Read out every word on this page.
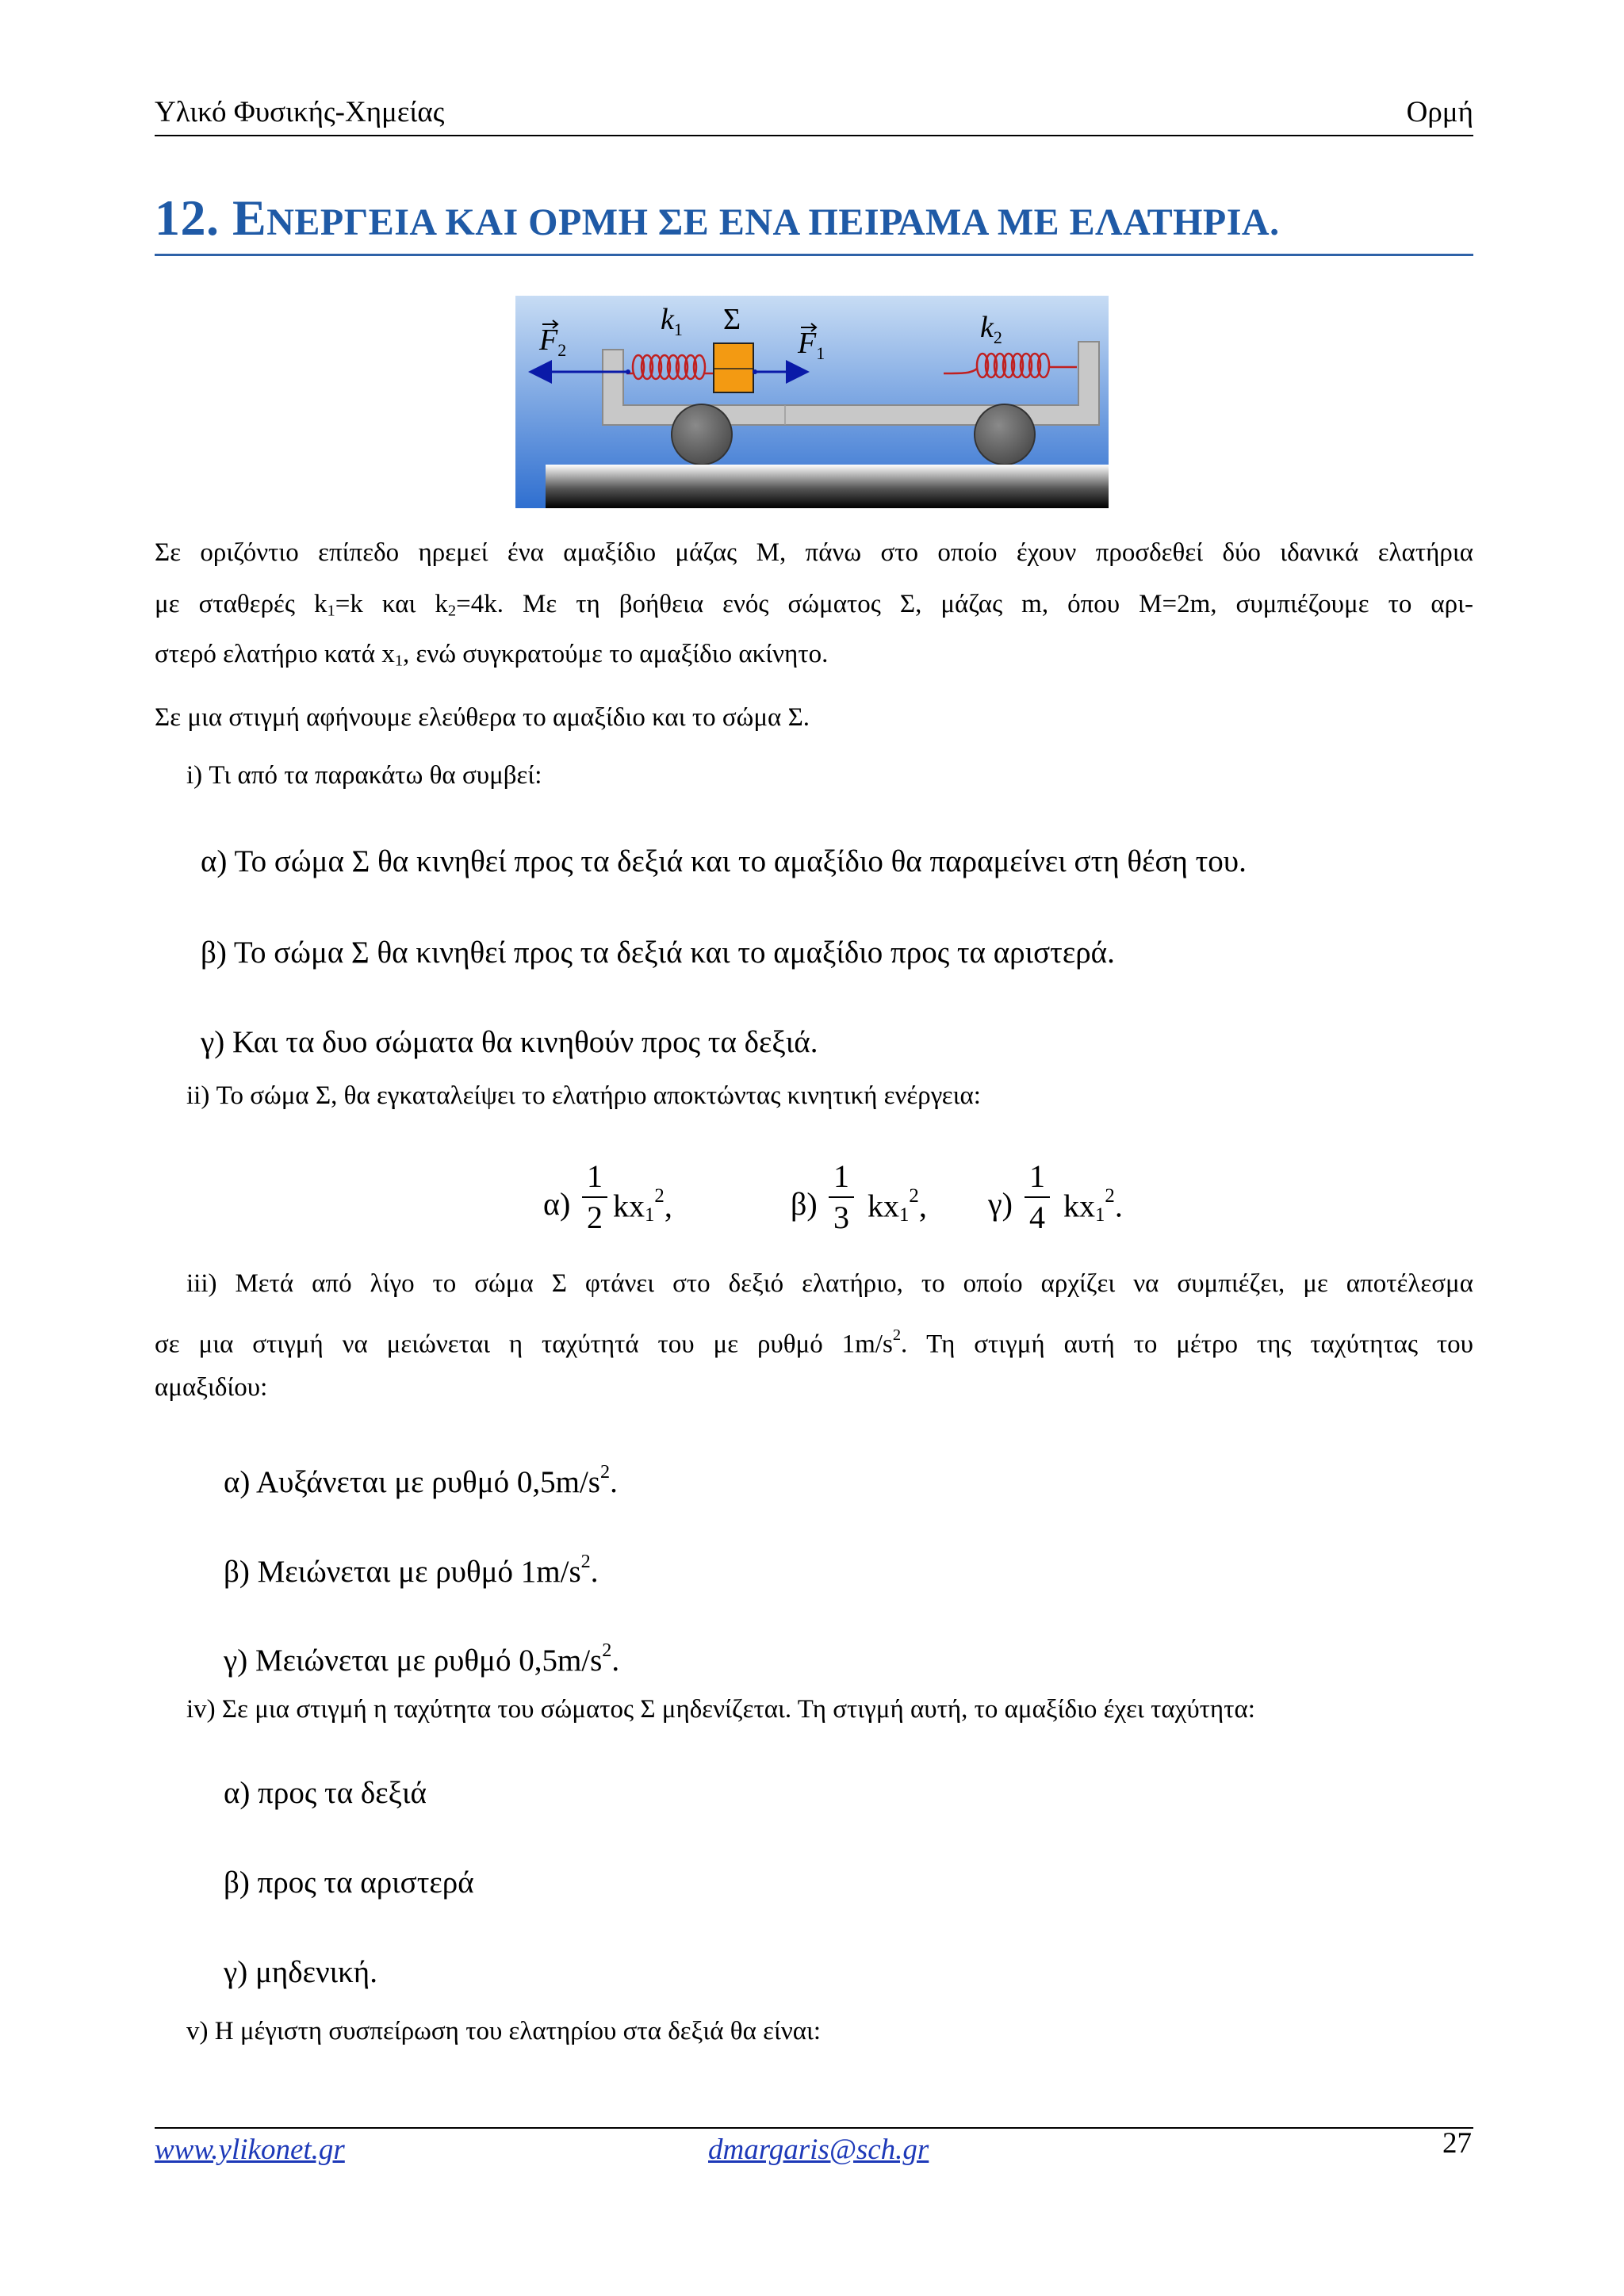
Υλικό Φυσικής-Χημείας	Ορμή
12. ΕΝΕΡΓΕΙΑ ΚΑΙ ΟΡΜΗ ΣΕ ΕΝΑ ΠΕΙΡΑΜΑ ΜΕ ΕΛΑΤΗΡΙΑ.
$F_2$
$k_1$ Σ
$F_1$
$k_2$
Σε οριζόντιο επίπεδο ηρεμεί ένα αμαξίδιο μάζας Μ, πάνω στο οποίο έχουν προσδεθεί δύο ιδανικά ελατήρια
με σταθερές $k_1=k$ και $k_2=4k$. Με τη βοήθεια ενός σώματος Σ, μάζας m, όπου Μ=2m, συμπιέζουμε το αρι-
στερό ελατήριο κατά $x_1$, ενώ συγκρατούμε το αμαξίδιο ακίνητο.
Σε μια στιγμή αφήνουμε ελεύθερα το αμαξίδιο και το σώμα Σ.
i) Τι από τα παρακάτω θα συμβεί:
α) Το σώμα Σ θα κινηθεί προς τα δεξιά και το αμαξίδιο θα παραμείνει στη θέση του.
β) Το σώμα Σ θα κινηθεί προς τα δεξιά και το αμαξίδιο προς τα αριστερά.
γ) Και τα δυο σώματα θα κινηθούν προς τα δεξιά.
ii) Το σώμα Σ, θα εγκαταλείψει το ελατήριο αποκτώντας κινητική ενέργεια:
α)
1
2 $kx_1^2$,	β)
1
3 $kx_1^2$, γ)
1
4 $kx_1^2$.
iii) Μετά από λίγο το σώμα Σ φτάνει στο δεξιό ελατήριο, το οποίο αρχίζει να συμπιέζει, με αποτέλεσμα
σε μια στιγμή να μειώνεται η ταχύτητά του με ρυθμό $1m/s^2$. Τη στιγμή αυτή το μέτρο της ταχύτητας του
αμαξιδίου:
α) Αυξάνεται με ρυθμό $0,5m/s^2$.
β) Μειώνεται με ρυθμό $1m/s^2$.
γ) Μειώνεται με ρυθμό $0,5m/s^2$.
iv) Σε μια στιγμή η ταχύτητα του σώματος Σ μηδενίζεται. Τη στιγμή αυτή, το αμαξίδιο έχει ταχύτητα:
α) προς τα δεξιά
β) προς τα αριστερά
γ) μηδενική.
v) Η μέγιστη συσπείρωση του ελατηρίου στα δεξιά θα είναι:
www.ylikonet.gr	dmargaris@sch.gr	27
